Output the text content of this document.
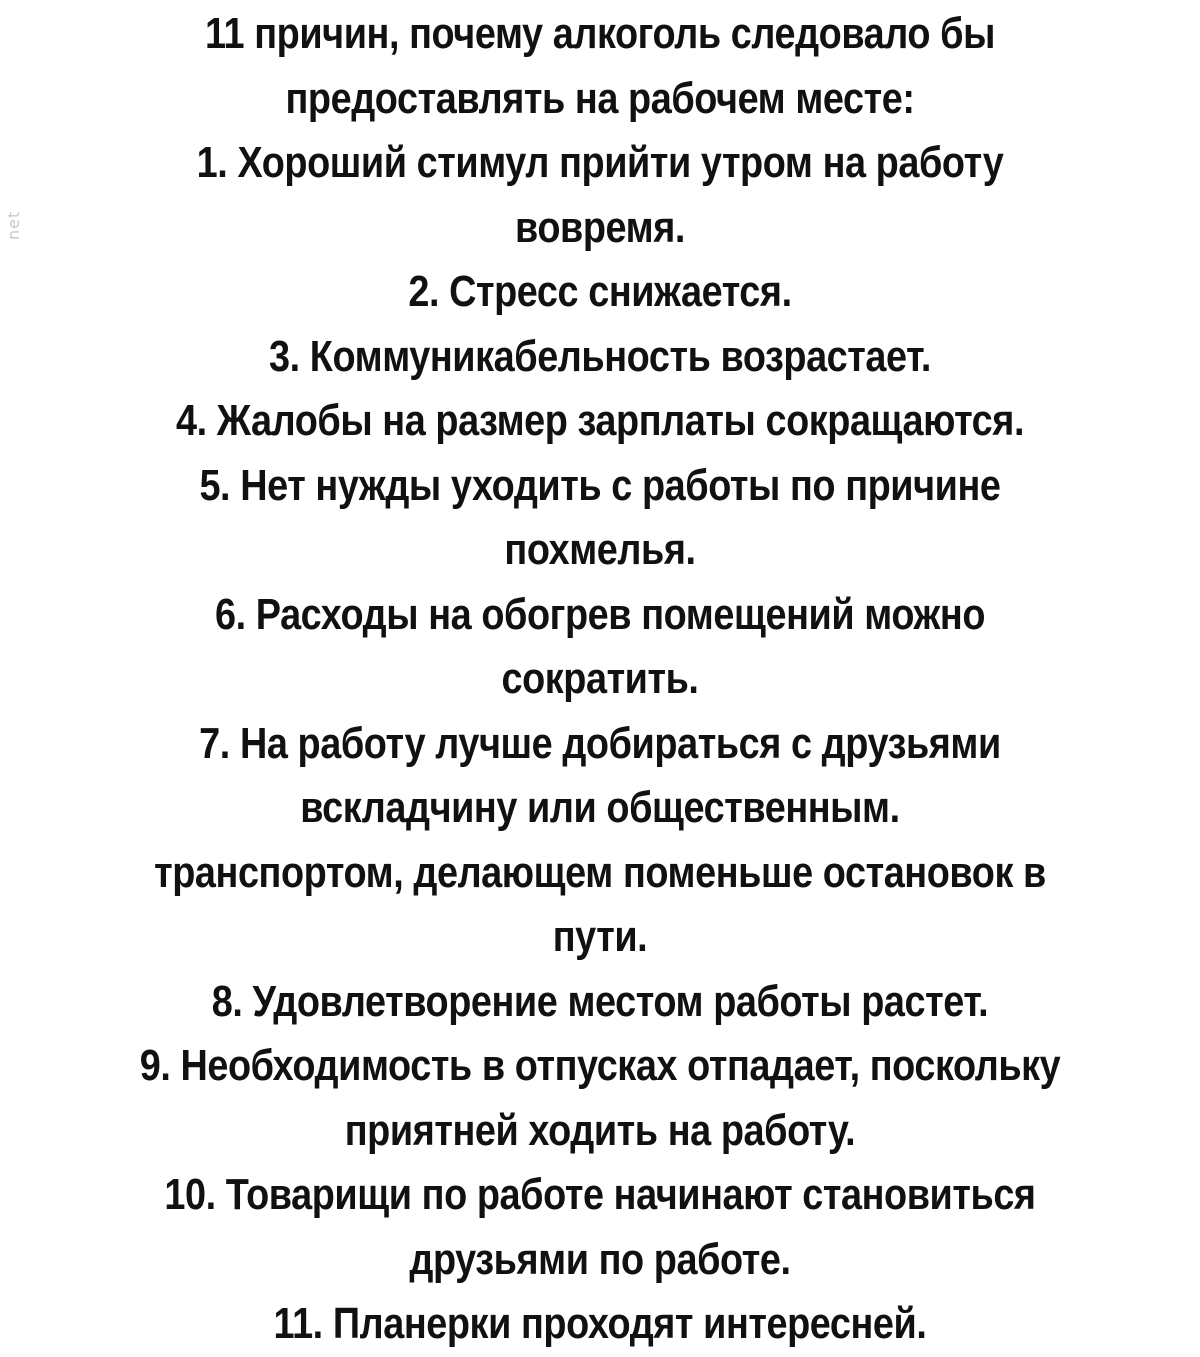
11 причин, почему алкоголь следовало бы
предоставлять на рабочем месте:
1. Хороший стимул прийти утром на работу
вовремя.
2. Стресс снижается.
3. Коммуникабельность возрастает.
4. Жалобы на размер зарплаты сокращаются.
5. Нет нужды уходить с работы по причине
похмелья.
6. Расходы на обогрев помещений можно
сократить.
7. На работу лучше добираться с друзьями
вскладчину или общественным.
транспортом, делающем поменьше остановок в
пути.
8. Удовлетворение местом работы растет.
9. Необходимость в отпусках отпадает, поскольку
приятней ходить на работу.
10. Товарищи по работе начинают становиться
друзьями по работе.
11. Планерки проходят интересней.
net
